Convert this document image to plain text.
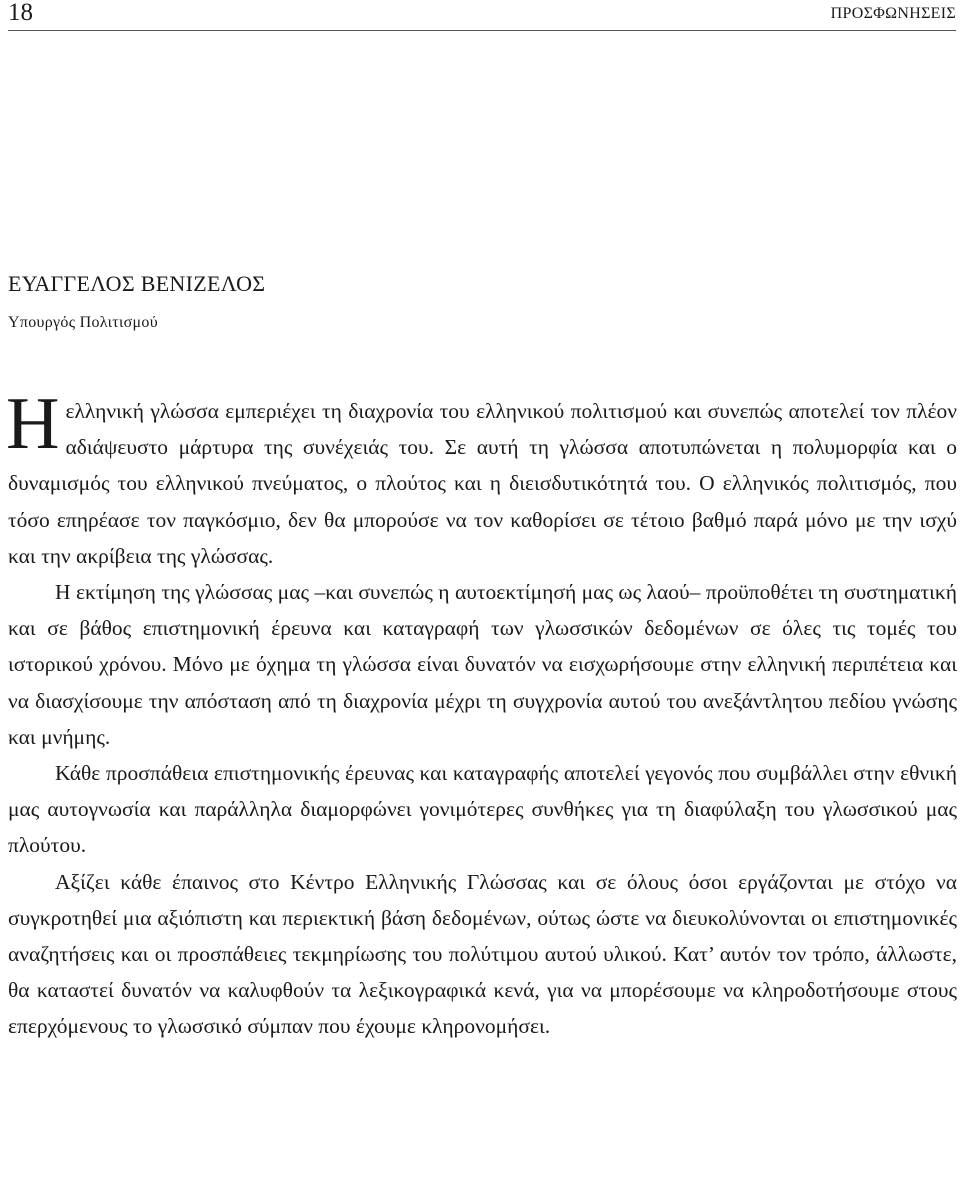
18	ΠΡΟΣΦΩΝΗΣΕΙΣ
ΕΥΑΓΓΕΛΟΣ ΒΕΝΙΖΕΛΟΣ
Υπουργός Πολιτισμού

Ηελληνική γλώσσα εμπεριέχει τη διαχρονία του ελληνικού πολιτισμού και συνεπώς αποτελεί τον πλέον αδιάψευστο μάρτυρα της συνέχειάς του. Σε αυτή τη γλώσσα αποτυπώνεται η πολυμορφία και ο δυναμισμός του ελληνικού πνεύματος, ο πλούτος και η διεισδυτικότητά του. Ο ελληνικός πολιτισμός, που τόσο επηρέασε τον παγκόσμιο, δεν θα μπορούσε να τον καθορίσει σε τέτοιο βαθμό παρά μόνο με την ισχύ και την ακρίβεια της γλώσσας.

Η εκτίμηση της γλώσσας μας –και συνεπώς η αυτοεκτίμησή μας ως λαού– προϋποθέτει τη συστηματική και σε βάθος επιστημονική έρευνα και καταγραφή των γλωσσικών δεδομένων σε όλες τις τομές του ιστορικού χρόνου. Μόνο με όχημα τη γλώσσα είναι δυνατόν να εισχωρήσουμε στην ελληνική περιπέτεια και να διασχίσουμε την απόσταση από τη διαχρονία μέχρι τη συγχρονία αυτού του ανεξάντλητου πεδίου γνώσης και μνήμης.

Κάθε προσπάθεια επιστημονικής έρευνας και καταγραφής αποτελεί γεγονός που συμβάλλει στην εθνική μας αυτογνωσία και παράλληλα διαμορφώνει γονιμότερες συνθήκες για τη διαφύλαξη του γλωσσικού μας πλούτου.

Αξίζει κάθε έπαινος στο Κέντρο Ελληνικής Γλώσσας και σε όλους όσοι εργάζονται με στόχο να συγκροτηθεί μια αξιόπιστη και περιεκτική βάση δεδομένων, ούτως ώστε να διευκολύνονται οι επιστημονικές αναζητήσεις και οι προσπάθειες τεκμηρίωσης του πολύτιμου αυτού υλικού. Κατ’ αυτόν τον τρόπο, άλλωστε, θα καταστεί δυνατόν να καλυφθούν τα λεξικογραφικά κενά, για να μπορέσουμε να κληροδοτήσουμε στους επερχόμενους το γλωσσικό σύμπαν που έχουμε κληρονομήσει.
